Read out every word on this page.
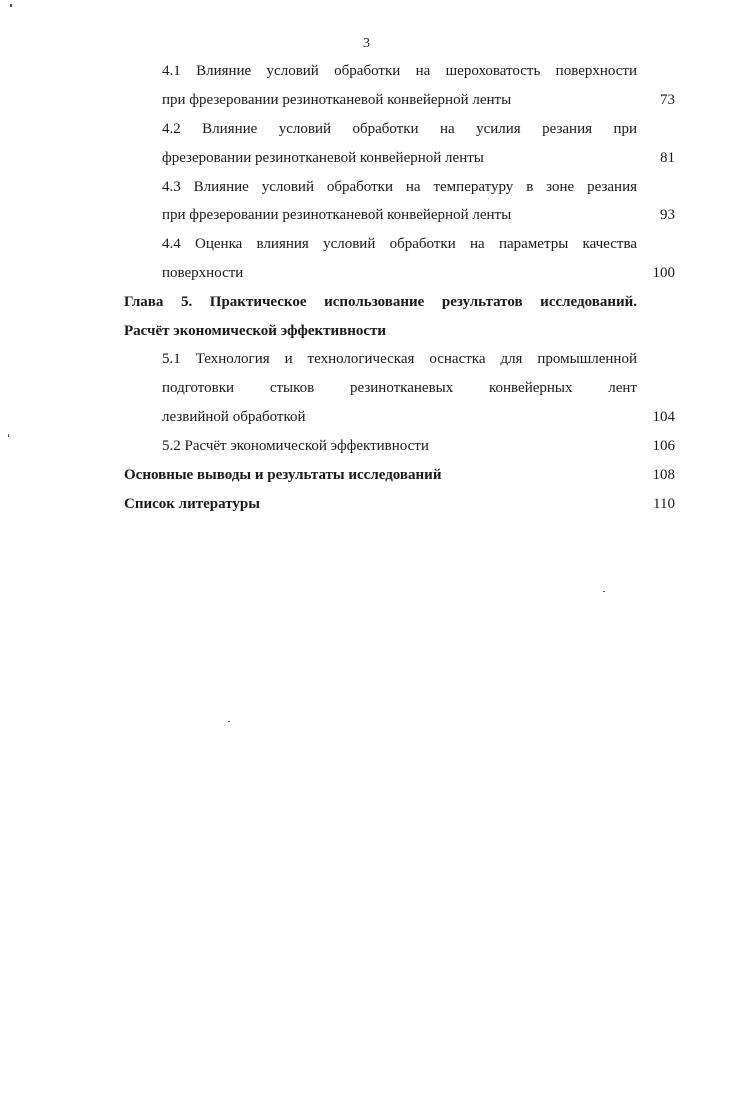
3
4.1 Влияние условий обработки на шероховатость поверхности
при фрезеровании резинотканевой конвейерной ленты	73
4.2 Влияние условий обработки на усилия резания при
фрезеровании резинотканевой конвейерной ленты	81
4.3 Влияние условий обработки на температуру в зоне резания
при фрезеровании резинотканевой конвейерной ленты	93
4.4 Оценка влияния условий обработки на параметры качества
поверхности	100
Глава 5. Практическое использование результатов исследований.
Расчёт экономической эффективности
5.1 Технология и технологическая оснастка для промышленной
подготовки стыков резинотканевых конвейерных лент
лезвийной обработкой	104
5.2 Расчёт экономической эффективности	106
Основные выводы и результаты исследований	108
Список литературы	110
